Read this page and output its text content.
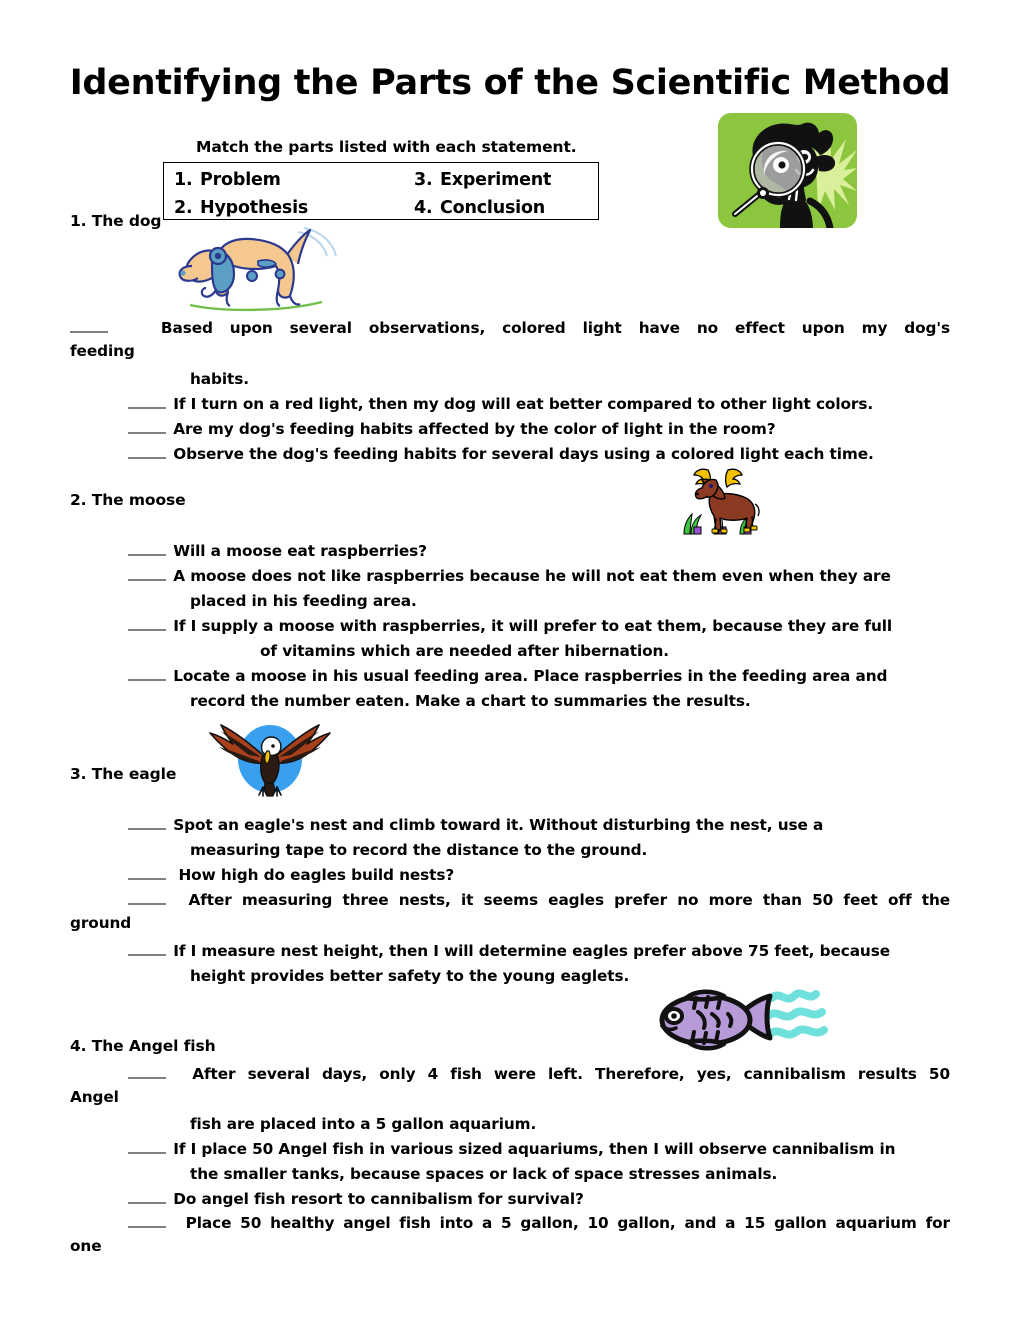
Identifying the Parts of the Scientific Method
Match the parts listed with each statement.
1. Problem	3. Experiment
2. Hypothesis	4. Conclusion
1. The dog
Based upon several observations, colored light have no effect upon my dog's
feeding
habits.
If I turn on a red light, then my dog will eat better compared to other light colors.
Are my dog's feeding habits affected by the color of light in the room?
Observe the dog's feeding habits for several days using a colored light each time.
2. The moose
Will a moose eat raspberries?
A moose does not like raspberries because he will not eat them even when they are
placed in his feeding area.
If I supply a moose with raspberries, it will prefer to eat them, because they are full
of vitamins which are needed after hibernation.
Locate a moose in his usual feeding area. Place raspberries in the feeding area and
record the number eaten. Make a chart to summaries the results.
3. The eagle
Spot an eagle's nest and climb toward it. Without disturbing the nest, use a
measuring tape to record the distance to the ground.
How high do eagles build nests?
After measuring three nests, it seems eagles prefer no more than 50 feet off the
ground
If I measure nest height, then I will determine eagles prefer above 75 feet, because
height provides better safety to the young eaglets.
4. The Angel fish
After several days, only 4 fish were left. Therefore, yes, cannibalism results 50
Angel
fish are placed into a 5 gallon aquarium.
If I place 50 Angel fish in various sized aquariums, then I will observe cannibalism in
the smaller tanks, because spaces or lack of space stresses animals.
Do angel fish resort to cannibalism for survival?
Place 50 healthy angel fish into a 5 gallon, 10 gallon, and a 15 gallon aquarium for
one
